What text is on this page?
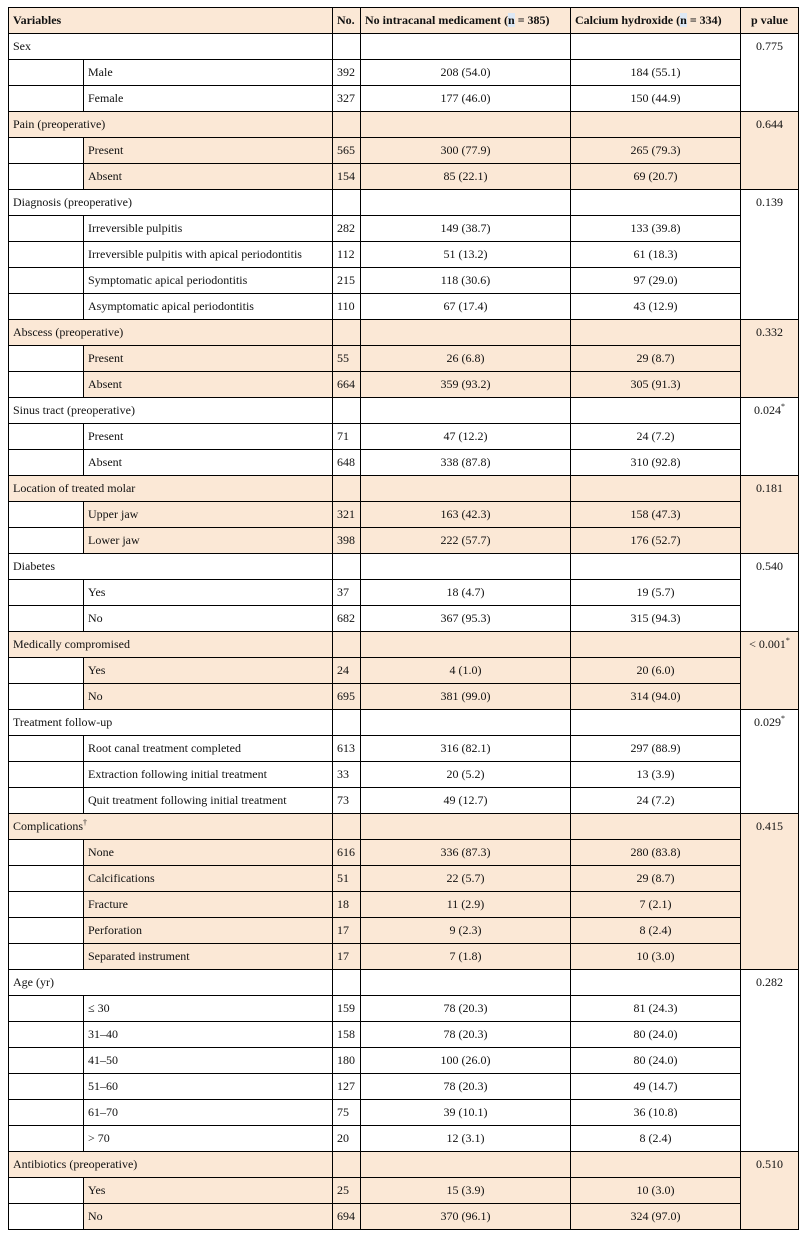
Variables		No.	No intracanal medicament (n = 385)	Calcium hydroxide (n = 334)	p value
Sex					0.775
	Male	392	208 (54.0)	184 (55.1)	
	Female	327	177 (46.0)	150 (44.9)	
Pain (preoperative)					0.644
	Present	565	300 (77.9)	265 (79.3)	
	Absent	154	85 (22.1)	69 (20.7)	
Diagnosis (preoperative)					0.139
	Irreversible pulpitis	282	149 (38.7)	133 (39.8)	
	Irreversible pulpitis with apical periodontitis	112	51 (13.2)	61 (18.3)	
	Symptomatic apical periodontitis	215	118 (30.6)	97 (29.0)	
	Asymptomatic apical periodontitis	110	67 (17.4)	43 (12.9)	
Abscess (preoperative)					0.332
	Present	55	26 (6.8)	29 (8.7)	
	Absent	664	359 (93.2)	305 (91.3)	
Sinus tract (preoperative)					0.024*
	Present	71	47 (12.2)	24 (7.2)	
	Absent	648	338 (87.8)	310 (92.8)	
Location of treated molar					0.181
	Upper jaw	321	163 (42.3)	158 (47.3)	
	Lower jaw	398	222 (57.7)	176 (52.7)	
Diabetes					0.540
	Yes	37	18 (4.7)	19 (5.7)	
	No	682	367 (95.3)	315 (94.3)	
Medically compromised					< 0.001*
	Yes	24	4 (1.0)	20 (6.0)	
	No	695	381 (99.0)	314 (94.0)	
Treatment follow-up					0.029*
	Root canal treatment completed	613	316 (82.1)	297 (88.9)	
	Extraction following initial treatment	33	20 (5.2)	13 (3.9)	
	Quit treatment following initial treatment	73	49 (12.7)	24 (7.2)	
Complications†					0.415
	None	616	336 (87.3)	280 (83.8)	
	Calcifications	51	22 (5.7)	29 (8.7)	
	Fracture	18	11 (2.9)	7 (2.1)	
	Perforation	17	9 (2.3)	8 (2.4)	
	Separated instrument	17	7 (1.8)	10 (3.0)	
Age (yr)					0.282
	≤ 30	159	78 (20.3)	81 (24.3)	
	31–40	158	78 (20.3)	80 (24.0)	
	41–50	180	100 (26.0)	80 (24.0)	
	51–60	127	78 (20.3)	49 (14.7)	
	61–70	75	39 (10.1)	36 (10.8)	
	> 70	20	12 (3.1)	8 (2.4)	
Antibiotics (preoperative)					0.510
	Yes	25	15 (3.9)	10 (3.0)	
	No	694	370 (96.1)	324 (97.0)	
